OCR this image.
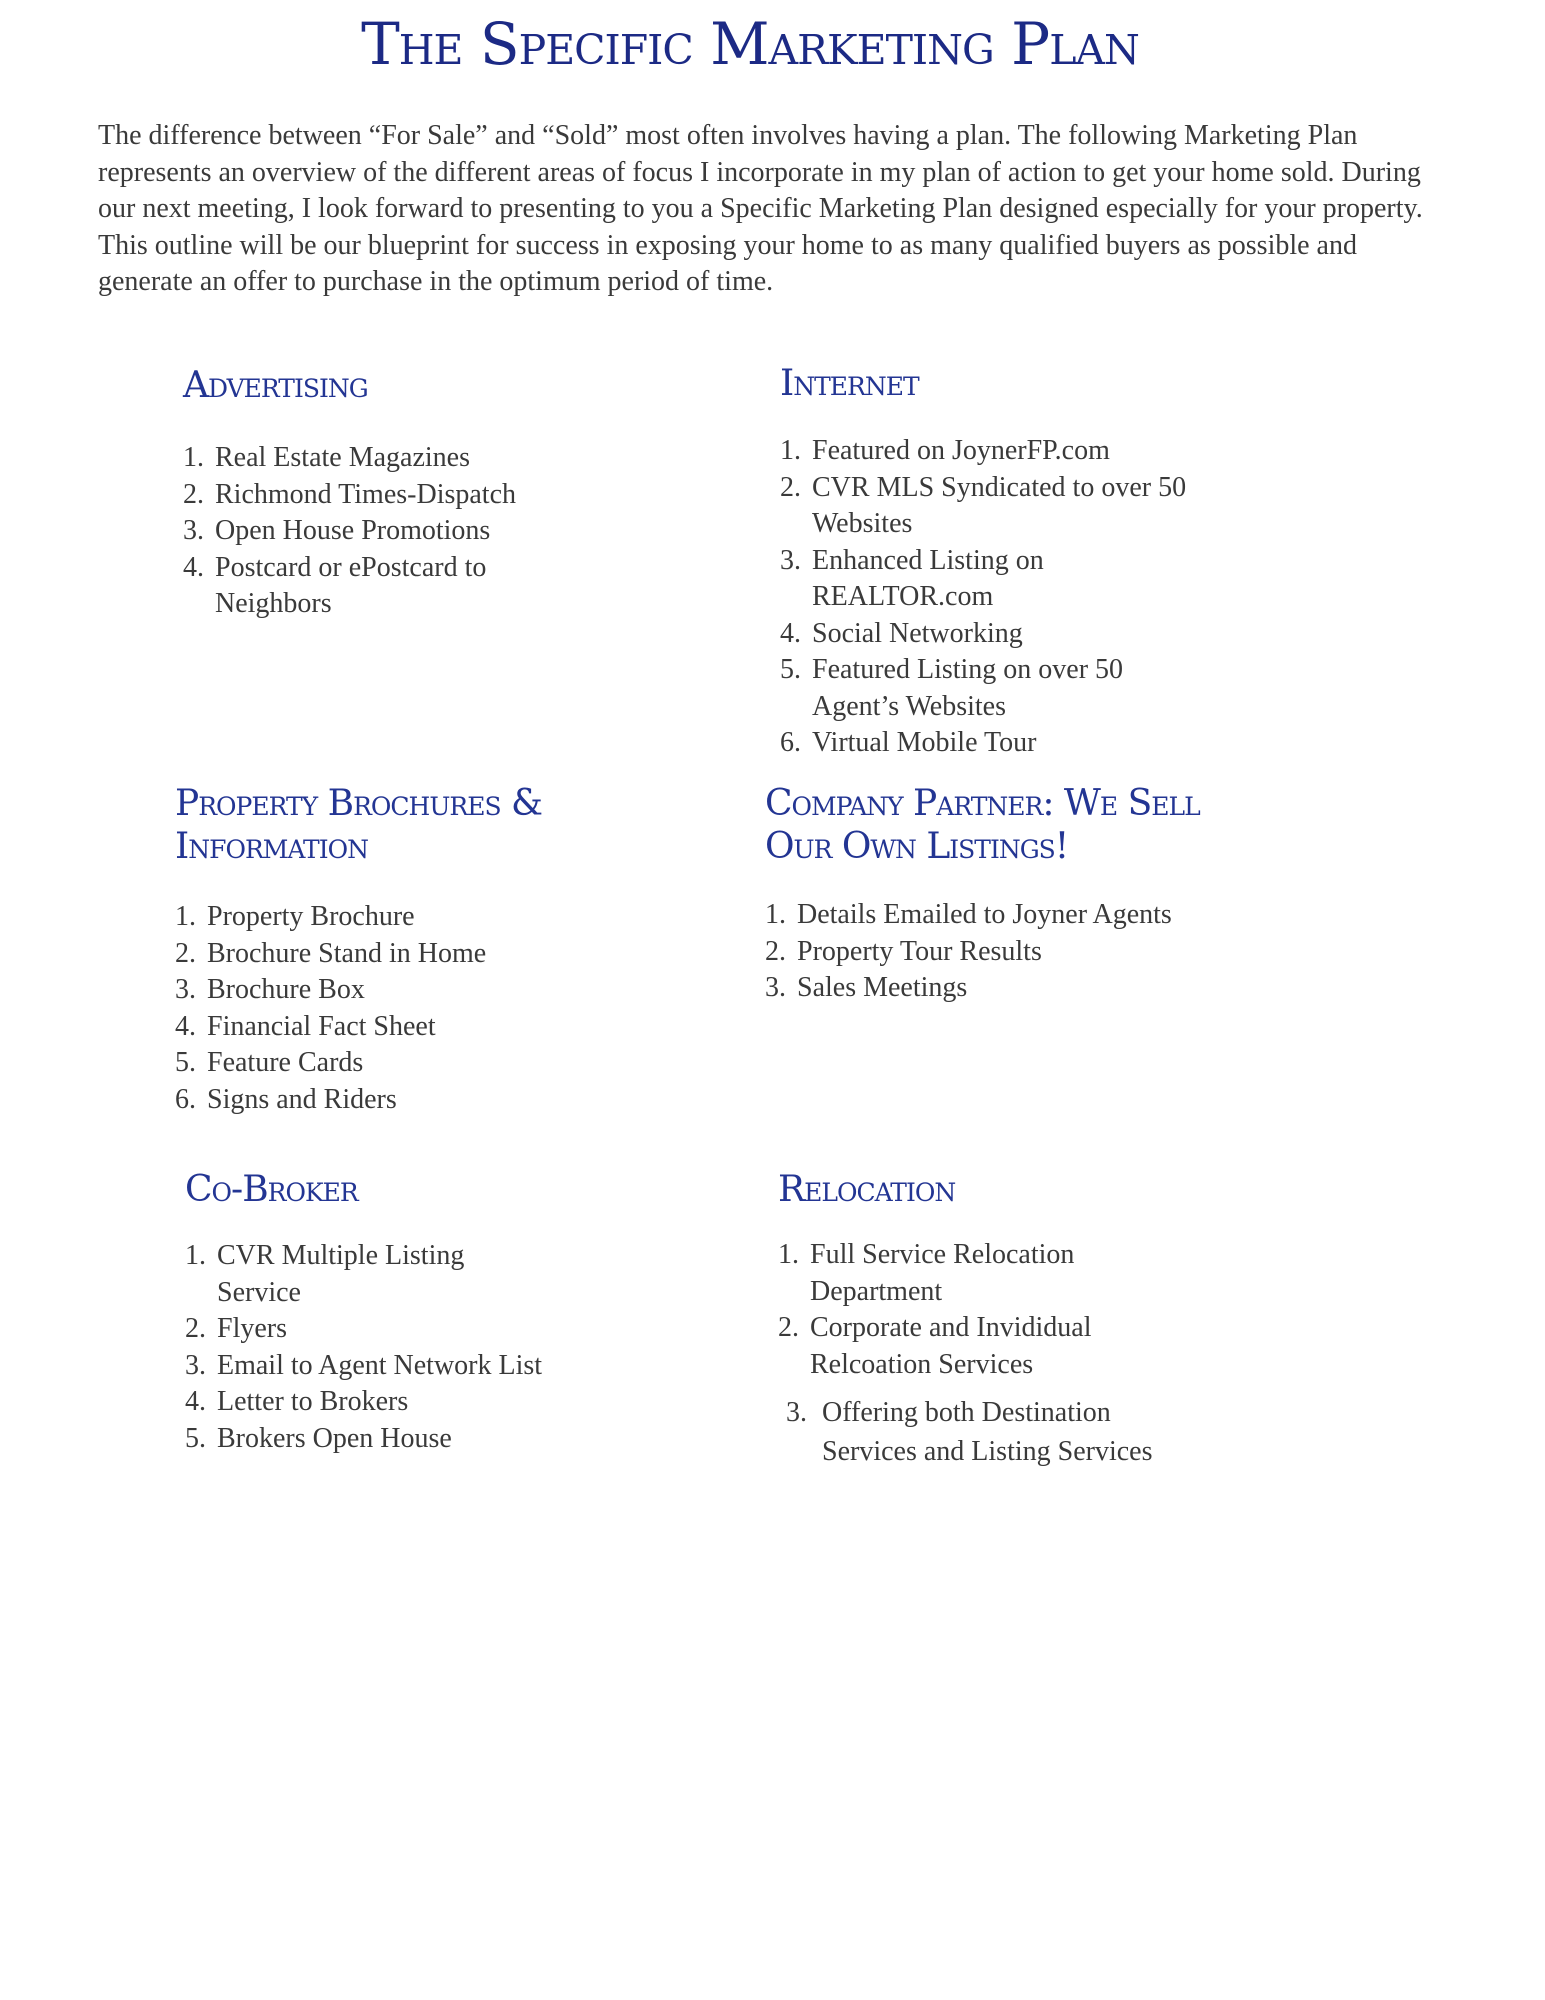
The Specific Marketing Plan

The difference between “For Sale” and “Sold” most often involves having a plan. The following Marketing Plan represents an overview of the different areas of focus I incorporate in my plan of action to get your home sold. During our next meeting, I look forward to presenting to you a Specific Marketing Plan designed especially for your property. This outline will be our blueprint for success in exposing your home to as many qualified buyers as possible and generate an offer to purchase in the optimum period of time.

Advertising
1. Real Estate Magazines
2. Richmond Times-Dispatch
3. Open House Promotions
4. Postcard or ePostcard to Neighbors
Internet
1. Featured on JoynerFP.com
2. CVR MLS Syndicated to over 50 Websites
3. Enhanced Listing on REALTOR.com
4. Social Networking
5. Featured Listing on over 50 Agent’s Websites
6. Virtual Mobile Tour
Property Brochures & Information
1. Property Brochure
2. Brochure Stand in Home
3. Brochure Box
4. Financial Fact Sheet
5. Feature Cards
6. Signs and Riders
Company Partner: We Sell Our Own Listings!
1. Details Emailed to Joyner Agents
2. Property Tour Results
3. Sales Meetings
Co-Broker
1. CVR Multiple Listing Service
2. Flyers
3. Email to Agent Network List
4. Letter to Brokers
5. Brokers Open House
Relocation
1. Full Service Relocation Department
2. Corporate and Invididual Relcoation Services
3. Offering both Destination Services and Listing Services
